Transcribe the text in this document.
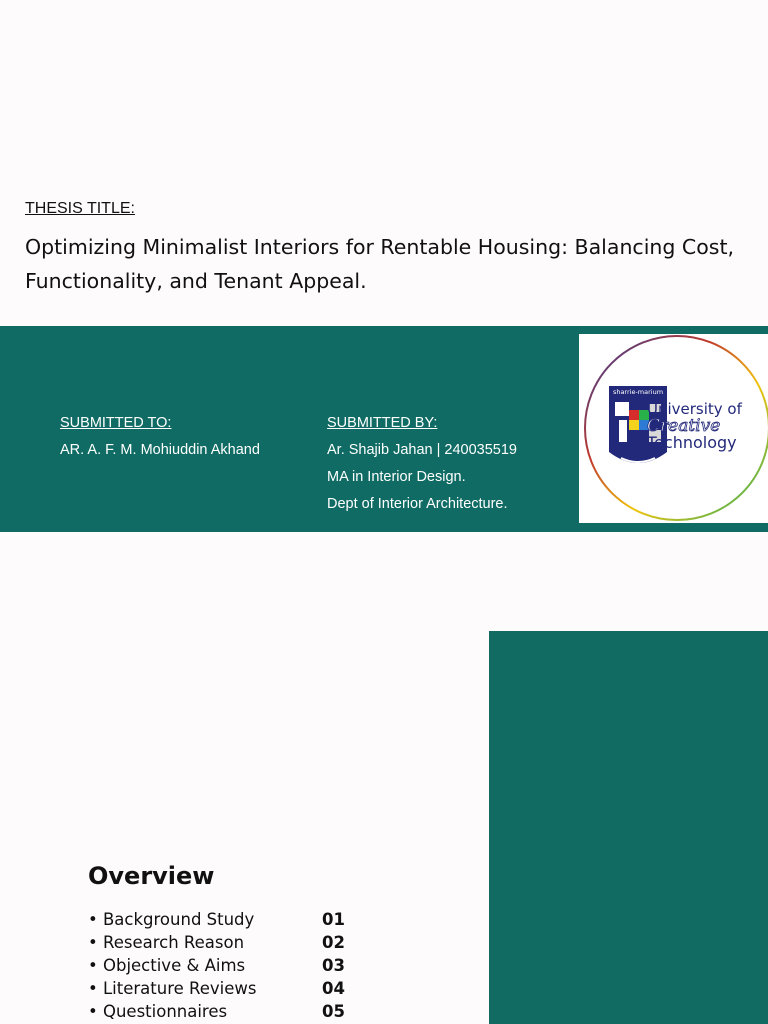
THESIS TITLE:
Optimizing Minimalist Interiors for Rentable Housing: Balancing Cost, Functionality, and Tenant Appeal.
SUBMITTED TO:
AR. A. F. M. Mohiuddin Akhand
SUBMITTED BY:
Ar. Shajib Jahan | 240035519
MA in Interior Design.
Dept of Interior Architecture.
sharrie-marium
University of
Creative
Technology
Overview
• Background Study	01
• Research Reason	02
• Objective & Aims	03
• Literature Reviews	04
• Questionnaires	05
